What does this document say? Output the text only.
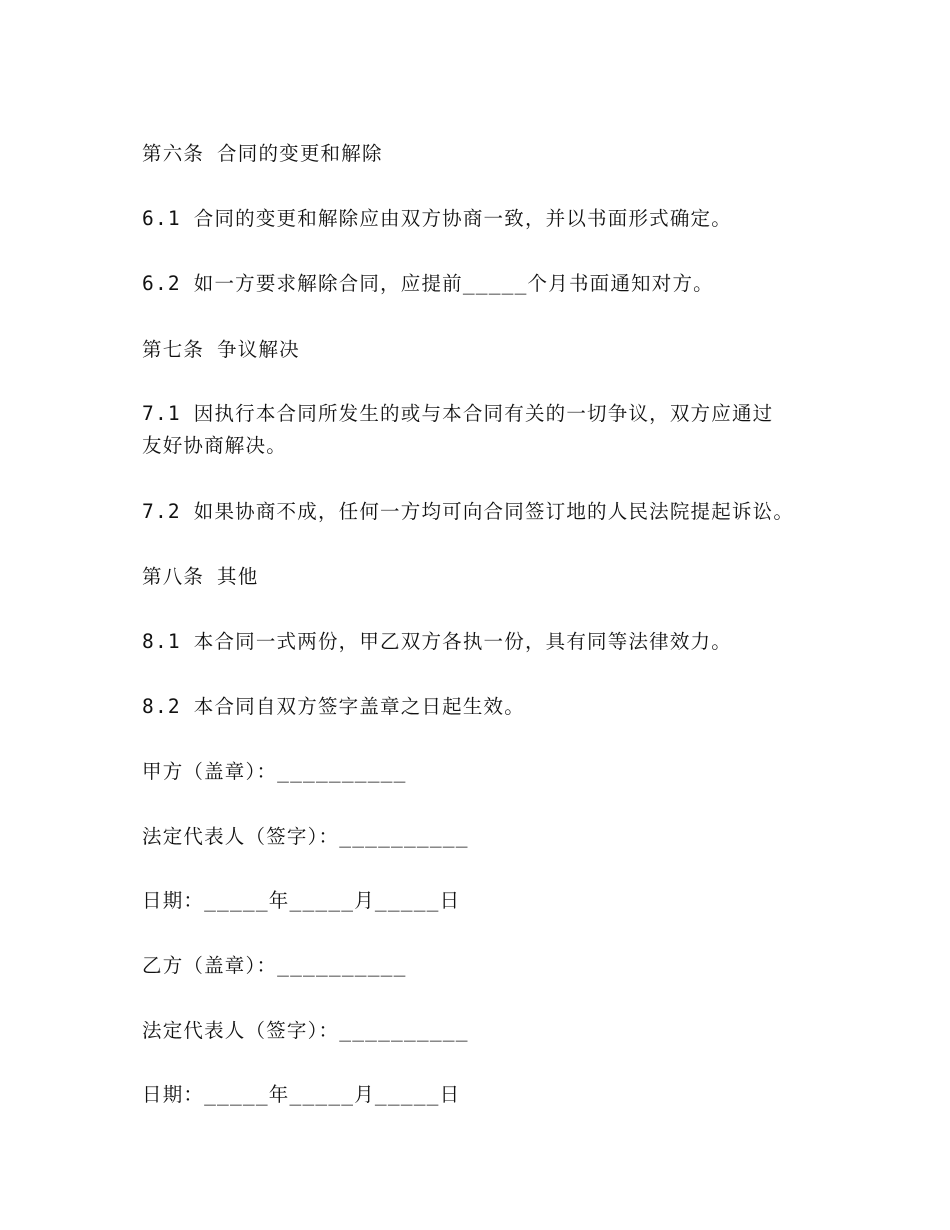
第六条 合同的变更和解除
6.1 合同的变更和解除应由双方协商一致，并以书面形式确定。
6.2 如一方要求解除合同，应提前_____个月书面通知对方。
第七条 争议解决
7.1 因执行本合同所发生的或与本合同有关的一切争议，双方应通过
友好协商解决。
7.2 如果协商不成，任何一方均可向合同签订地的人民法院提起诉讼。
第八条 其他
8.1 本合同一式两份，甲乙双方各执一份，具有同等法律效力。
8.2 本合同自双方签字盖章之日起生效。
甲方（盖章）：__________
法定代表人（签字）：__________
日期：_____年_____月_____日
乙方（盖章）：__________
法定代表人（签字）：__________
日期：_____年_____月_____日
